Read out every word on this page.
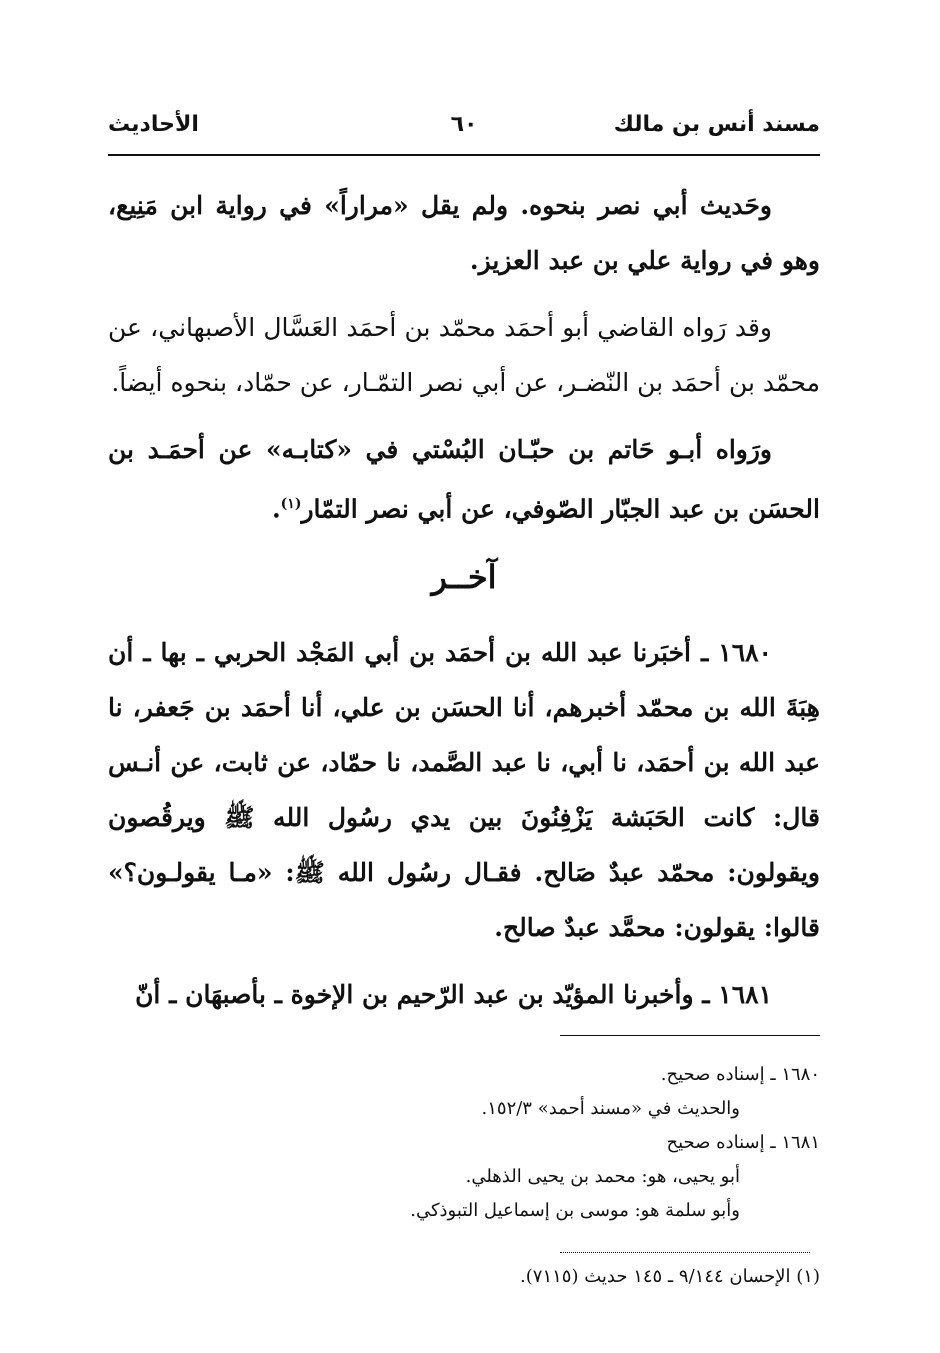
مسند أنس بن مالك
٦٠
الأحاديث

وحَديث أبي نصر بنحوه. ولم يقل «مراراً» في رواية ابن مَنِيع، وهو في رواية علي بن عبد العزيز.

وقد رَواه القاضي أبو أحمَد محمّد بن أحمَد العَسَّال الأصبهاني، عن محمّد بن أحمَد بن النّضـر، عن أبي نصر التمّـار، عن حمّاد، بنحوه أيضاً.

ورَواه أبـو حَاتم بن حبّـان البُسْتي في «كتابـه» عن أحمَـد بن الحسَن بن عبد الجبّار الصّوفي، عن أبي نصر التمّار$^{(١)}$.

آخــر

١٦٨٠ ـ أخبَرنا عبد الله بن أحمَد بن أبي المَجْد الحربي ـ بها ـ أن هِبَةَ الله بن محمّد أخبرهم، أنا الحسَن بن علي، أنا أحمَد بن جَعفر، نا عبد الله بن أحمَد، نا أبي، نا عبد الصَّمد، نا حمّاد، عن ثابت، عن أنـس قال: كانت الحَبَشة يَزْفِنُونَ بين يدي رسُول الله ﷺ ويرقُصون ويقولون: محمّد عبدٌ صَالح. فقـال رسُول الله ﷺ: «مـا يقولـون؟» قالوا: يقولون: محمَّد عبدٌ صالح.

١٦٨١ ـ وأخبرنا المؤيّد بن عبد الرّحيم بن الإخوة ـ بأصبهَان ـ أنّ

١٦٨٠ ـ إسناده صحيح.

والحديث في «مسند أحمد» ١٥٢/٣.

١٦٨١ ـ إسناده صحيح

أبو يحيى، هو: محمد بن يحيى الذهلي.

وأبو سلمة هو: موسى بن إسماعيل التبوذكي.

(١) الإحسان ٩/١٤٤ ـ ١٤٥ حديث (٧١١٥).
